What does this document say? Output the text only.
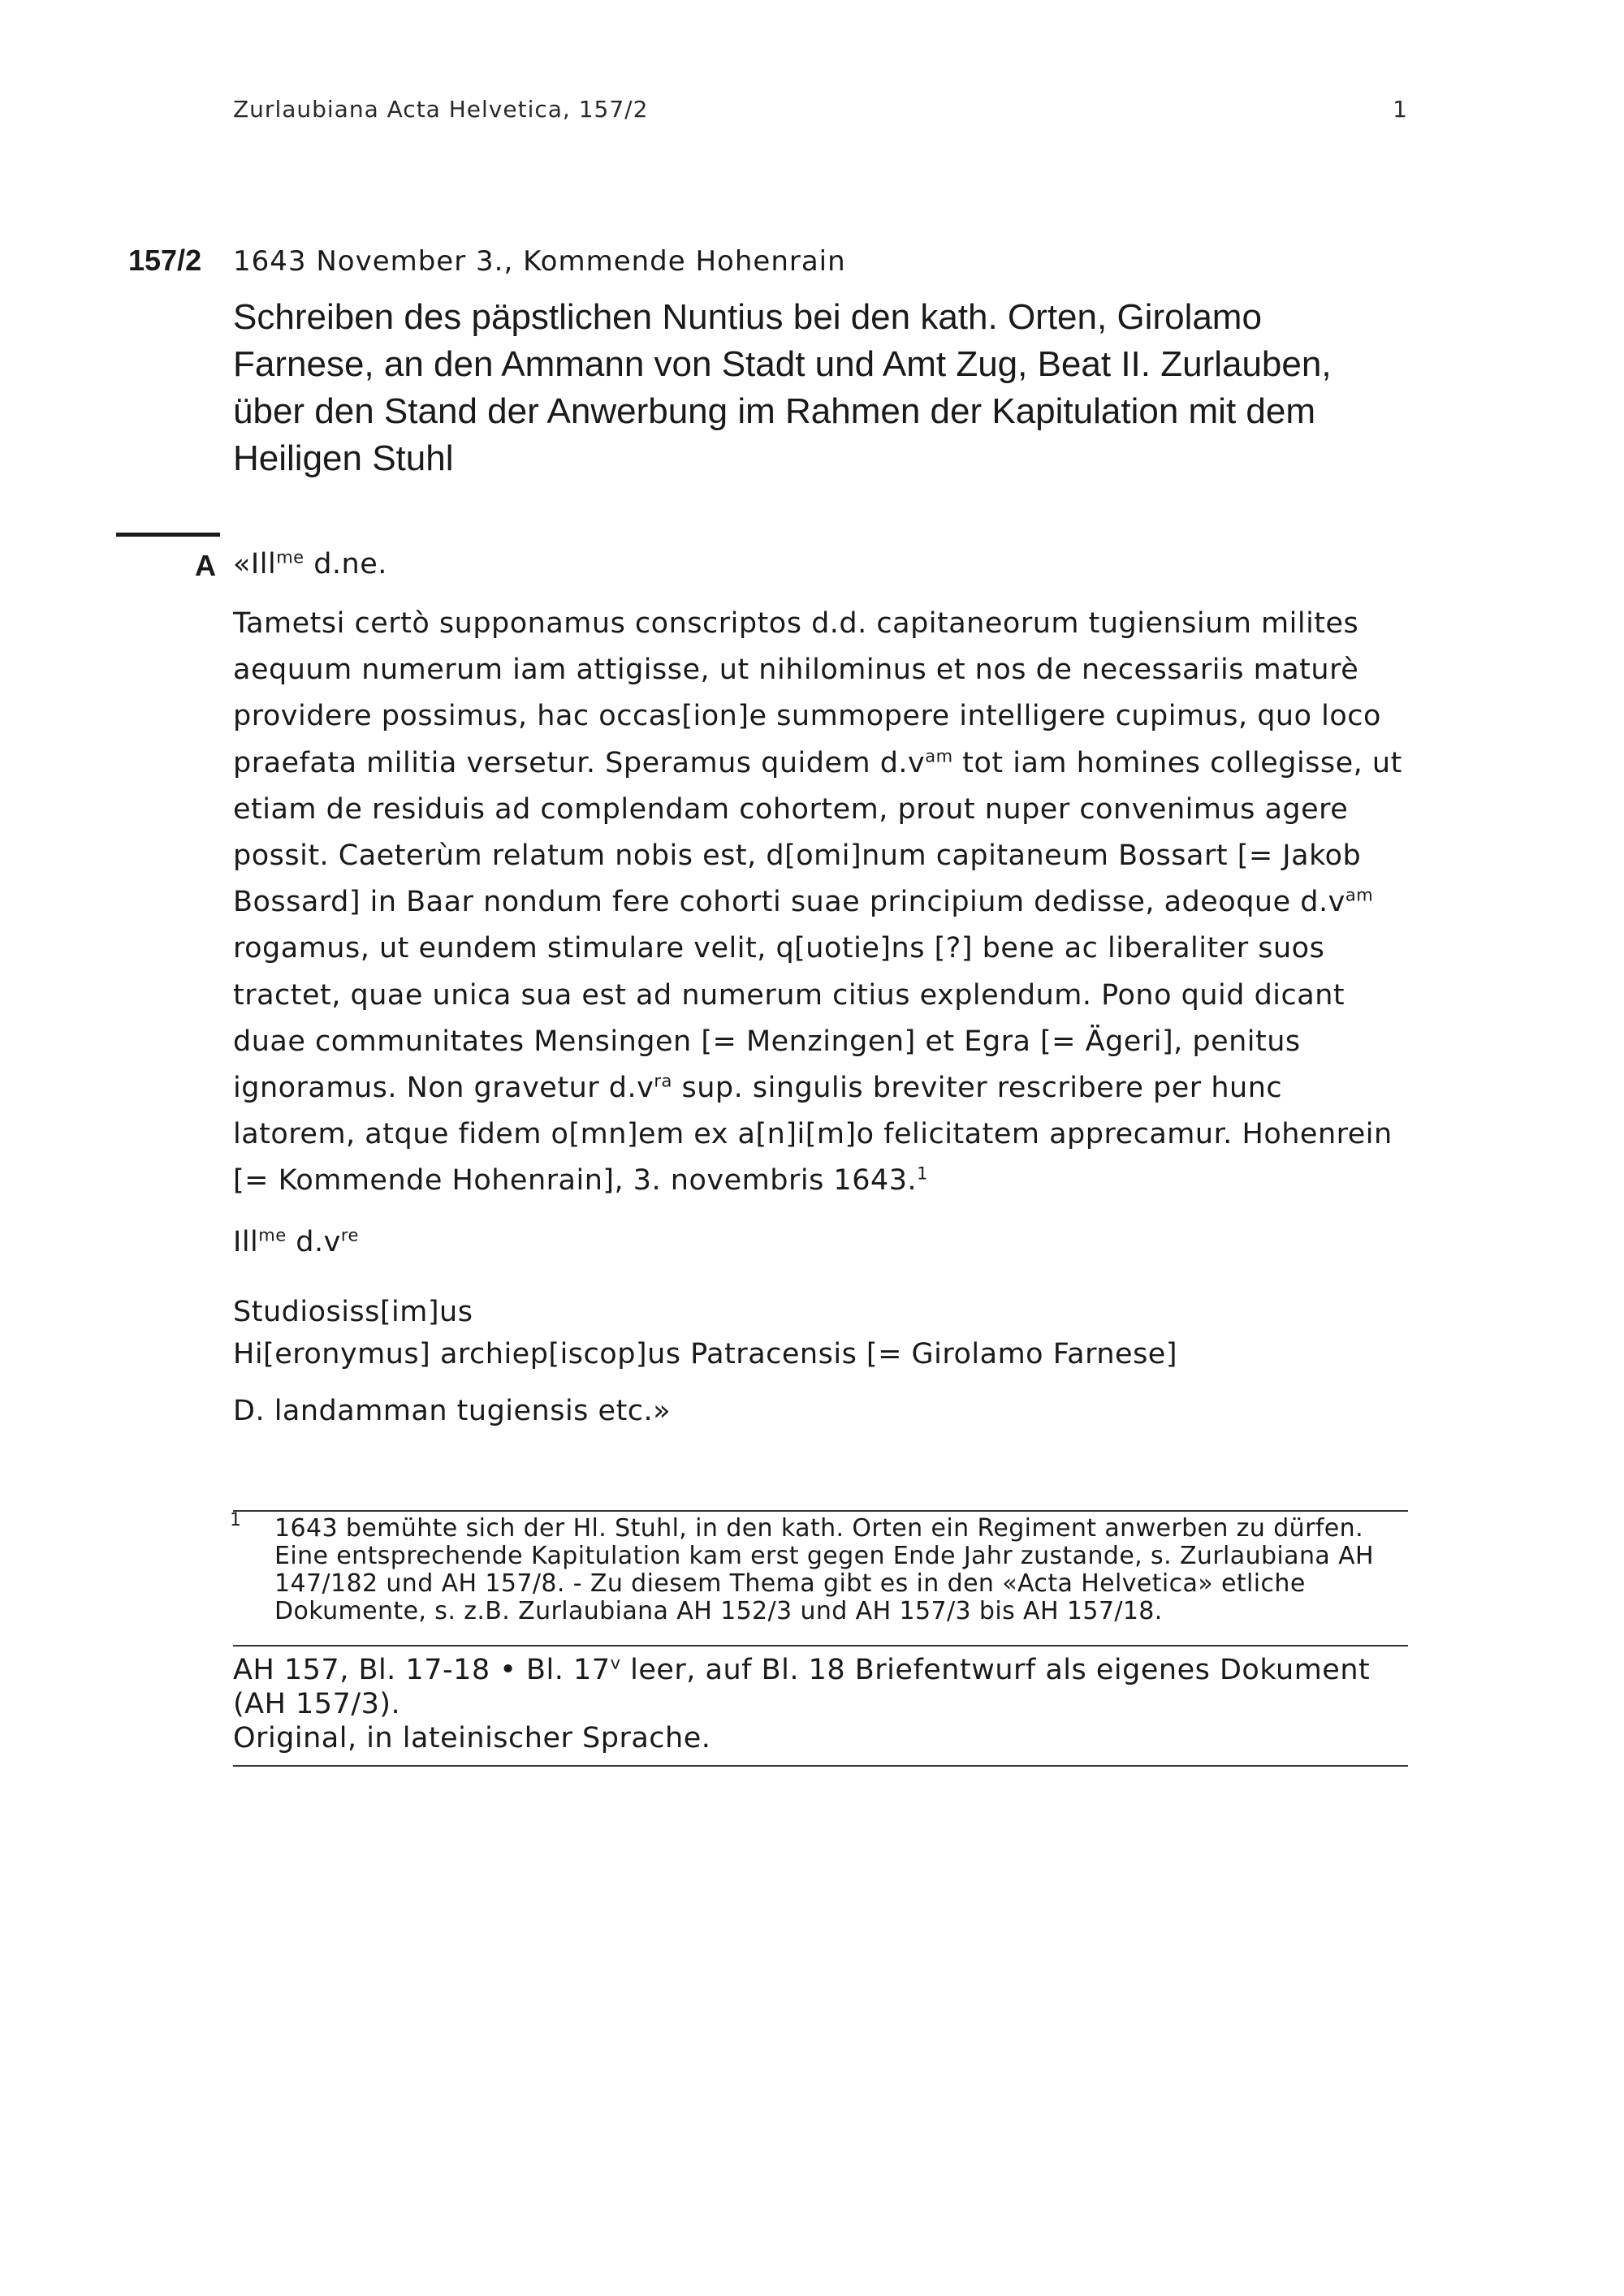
Zurlaubiana Acta Helvetica, 157/2	1
157/2 1643 November 3., Kommende Hohenrain
Schreiben des päpstlichen Nuntius bei den kath. Orten, Girolamo Farnese, an den Ammann von Stadt und Amt Zug, Beat II. Zurlauben, über den Stand der Anwerbung im Rahmen der Kapitulation mit dem Heiligen Stuhl
A «Ill$^{me}$ d.ne.
Tametsi certò supponamus conscriptos d.d. capitaneorum tugiensium milites aequum numerum iam attigisse, ut nihilominus et nos de necessariis maturè providere possimus, hac occas[ion]e summopere intelligere cupimus, quo loco praefata militia versetur. Speramus quidem $d.v^{am}$ tot iam homines collegisse, ut etiam de residuis ad complendam cohortem, prout nuper convenimus agere possit. Caeterùm relatum nobis est, d[omi]num capitaneum Bossart [= Jakob Bossard] in Baar nondum fere cohorti suae principium dedisse, adeoque $d.v^{am}$ rogamus, ut eundem stimulare velit, q[uotie]ns [?] bene ac liberaliter suos tractet, quae unica sua est ad numerum citius explendum. Pono quid dicant duae communitates Mensingen [= Menzingen] et Egra [= Ägeri], penitus ignoramus. Non gravetur $d.v^{ra}$ sup. singulis breviter rescribere per hunc latorem, atque fidem o[mn]em ex a[n]i[m]o felicitatem apprecamur. Hohenrein [= Kommende Hohenrain], 3. novembris 1643.$^1$
Ill$^{me}$ $d.v^{re}$
Studiosiss[im]us
Hi[eronymus] archiep[iscop]us Patracensis [= Girolamo Farnese]
D. landamman tugiensis etc.»
1 1643 bemühte sich der Hl. Stuhl, in den kath. Orten ein Regiment anwerben zu dürfen. Eine entsprechende Kapitulation kam erst gegen Ende Jahr zustande, s. Zurlaubiana AH 147/182 und AH 157/8. - Zu diesem Thema gibt es in den «Acta Helvetica» etliche Dokumente, s. z.B. Zurlaubiana AH 152/3 und AH 157/3 bis AH 157/18.
AH 157, Bl. 17-18 • Bl. 17$^v$ leer, auf Bl. 18 Briefentwurf als eigenes Dokument (AH 157/3).
Original, in lateinischer Sprache.
